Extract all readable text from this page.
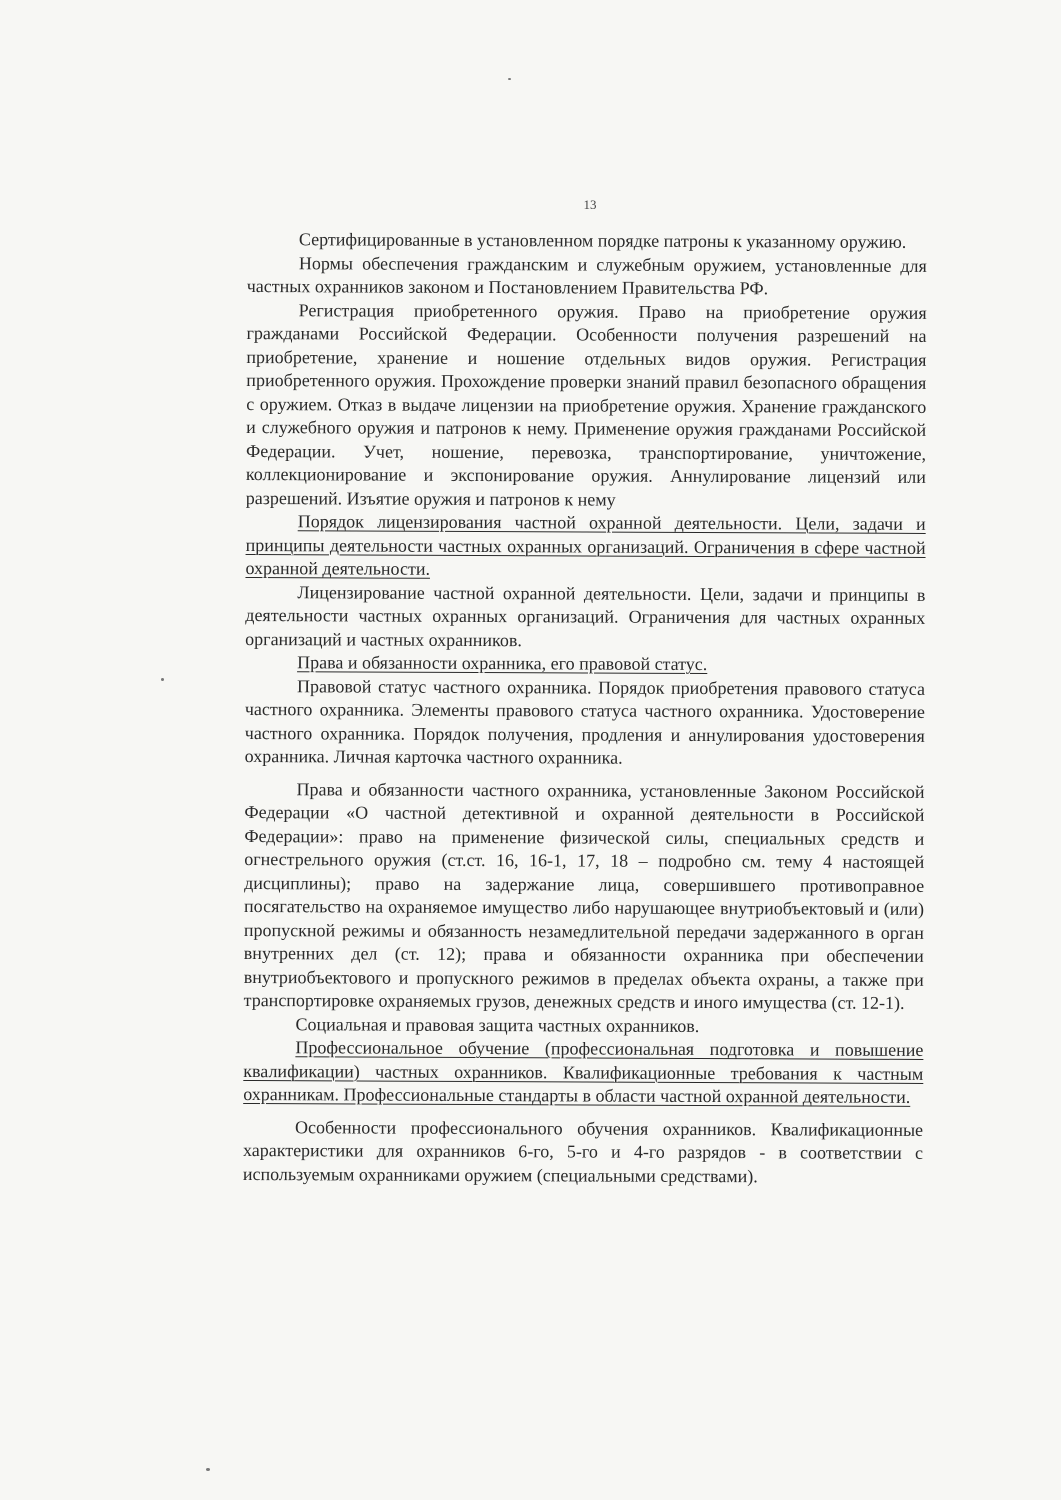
13

Сертифицированные в установленном порядке патроны к указанному оружию.

Нормы обеспечения гражданским и служебным оружием, установленные для частных охранников законом и Постановлением Правительства РФ.

Регистрация приобретенного оружия. Право на приобретение оружия гражданами Российской Федерации. Особенности получения разрешений на приобретение, хранение и ношение отдельных видов оружия. Регистрация приобретенного оружия. Прохождение проверки знаний правил безопасного обращения с оружием. Отказ в выдаче лицензии на приобретение оружия. Хранение гражданского и служебного оружия и патронов к нему. Применение оружия гражданами Российской Федерации. Учет, ношение, перевозка, транспортирование, уничтожение, коллекционирование и экспонирование оружия. Аннулирование лицензий или разрешений. Изъятие оружия и патронов к нему

Порядок лицензирования частной охранной деятельности. Цели, задачи и принципы деятельности частных охранных организаций. Ограничения в сфере частной охранной деятельности.

Лицензирование частной охранной деятельности. Цели, задачи и принципы в деятельности частных охранных организаций. Ограничения для частных охранных организаций и частных охранников.

Права и обязанности охранника, его правовой статус.

Правовой статус частного охранника. Порядок приобретения правового статуса частного охранника. Элементы правового статуса частного охранника. Удостоверение частного охранника. Порядок получения, продления и аннулирования удостоверения охранника. Личная карточка частного охранника.

Права и обязанности частного охранника, установленные Законом Российской Федерации «О частной детективной и охранной деятельности в Российской Федерации»: право на применение физической силы, специальных средств и огнестрельного оружия (ст.ст. 16, 16-1, 17, 18 – подробно см. тему 4 настоящей дисциплины); право на задержание лица, совершившего противоправное посягательство на охраняемое имущество либо нарушающее внутриобъектовый и (или) пропускной режимы и обязанность незамедлительной передачи задержанного в орган внутренних дел (ст. 12); права и обязанности охранника при обеспечении внутриобъектового и пропускного режимов в пределах объекта охраны, а также при транспортировке охраняемых грузов, денежных средств и иного имущества (ст. 12-1).

Социальная и правовая защита частных охранников.

Профессиональное обучение (профессиональная подготовка и повышение квалификации) частных охранников. Квалификационные требования к частным охранникам. Профессиональные стандарты в области частной охранной деятельности.

Особенности профессионального обучения охранников. Квалификационные характеристики для охранников 6-го, 5-го и 4-го разрядов - в соответствии с используемым охранниками оружием (специальными средствами).
